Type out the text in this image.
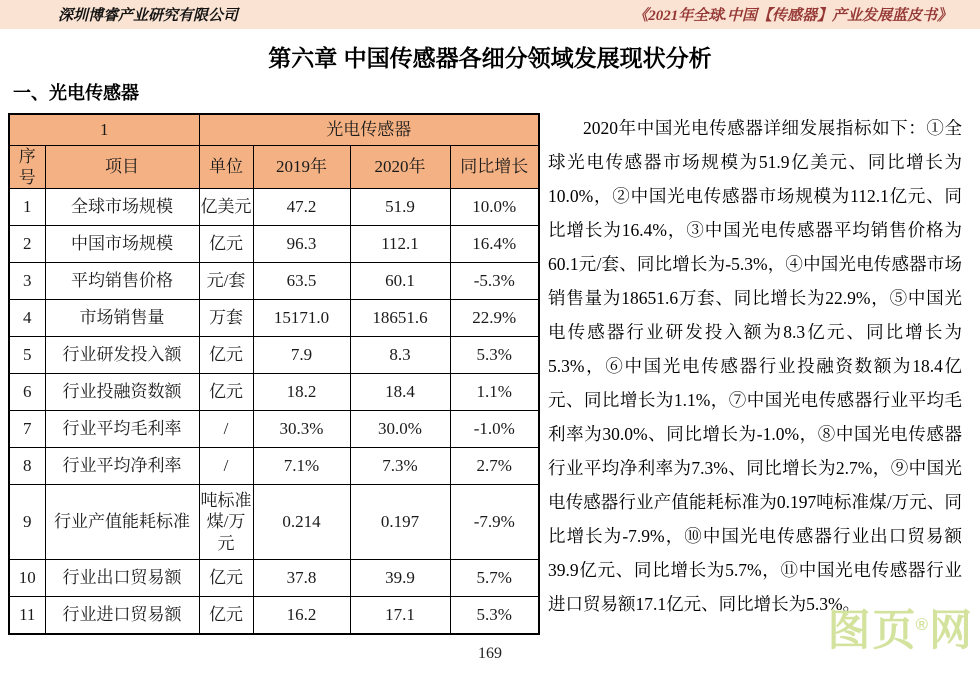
深圳博睿产业研究有限公司	《2021年全球.中国【传感器】产业发展蓝皮书》
第六章 中国传感器各细分领域发展现状分析
一、光电传感器
1		光电传感器			
序号	项目	单位	2019年	2020年	同比增长
1	全球市场规模	亿美元	47.2	51.9	10.0%
2	中国市场规模	亿元	96.3	112.1	16.4%
3	平均销售价格	元/套	63.5	60.1	-5.3%
4	市场销售量	万套	15171.0	18651.6	22.9%
5	行业研发投入额	亿元	7.9	8.3	5.3%
6	行业投融资数额	亿元	18.2	18.4	1.1%
7	行业平均毛利率	/	30.3%	30.0%	-1.0%
8	行业平均净利率	/	7.1%	7.3%	2.7%
9	行业产值能耗标准	吨标准煤/万元	0.214	0.197	-7.9%
10	行业出口贸易额	亿元	37.8	39.9	5.7%
11	行业进口贸易额	亿元	16.2	17.1	5.3%
2020年中国光电传感器详细发展指标如下：①全球光电传感器市场规模为51.9亿美元、同比增长为10.0%，②中国光电传感器市场规模为112.1亿元、同比增长为16.4%，③中国光电传感器平均销售价格为60.1元/套、同比增长为-5.3%，④中国光电传感器市场销售量为18651.6万套、同比增长为22.9%，⑤中国光电传感器行业研发投入额为8.3亿元、同比增长为5.3%，⑥中国光电传感器行业投融资数额为18.4亿元、同比增长为1.1%，⑦中国光电传感器行业平均毛利率为30.0%、同比增长为-1.0%，⑧中国光电传感器行业平均净利率为7.3%、同比增长为2.7%，⑨中国光电传感器行业产值能耗标准为0.197吨标准煤/万元、同比增长为-7.9%，⑩中国光电传感器行业出口贸易额39.9亿元、同比增长为5.7%，⑪中国光电传感器行业进口贸易额17.1亿元、同比增长为5.3%。
169	图页®网
